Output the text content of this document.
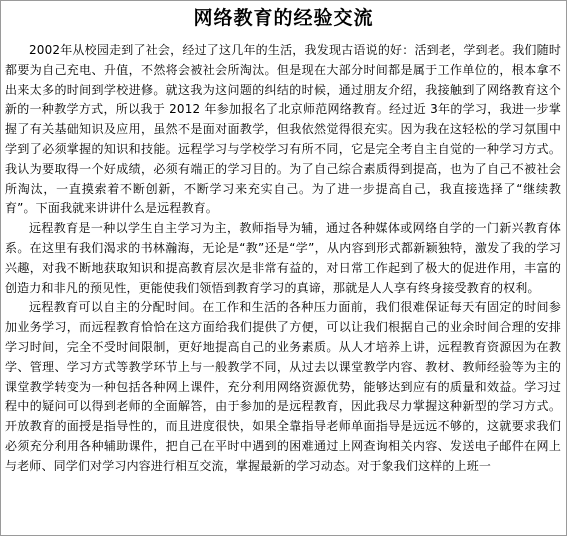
网络教育的经验交流

2002年从校园走到了社会，经过了这几年的生活，我发现古语说的好：活到老，学到老。我们随时都要为自己充电、升值，不然将会被社会所淘汰。但是现在大部分时间都是属于工作单位的，根本拿不出来太多的时间到学校进修。就这我为这问题的纠结的时候，通过朋友介绍，我接触到了网络教育这个新的一种教学方式，所以我于 2012 年参加报名了北京师范网络教育。经过近 3年的学习，我进一步掌握了有关基础知识及应用，虽然不是面对面教学，但我依然觉得很充实。因为我在这轻松的学习氛围中学到了必须掌握的知识和技能。远程学习与学校学习有所不同，它是完全考自主自觉的一种学习方式。我认为要取得一个好成绩，必须有端正的学习目的。为了自己综合素质得到提高，也为了自己不被社会所淘汰，一直摸索着不断创新，不断学习来充实自己。为了进一步提高自己，我直接选择了“继续教育”。下面我就来讲讲什么是远程教育。

远程教育是一种以学生自主学习为主，教师指导为辅，通过各种媒体或网络自学的一门新兴教育体系。在这里有我们渴求的书林瀚海，无论是“教”还是“学”，从内容到形式都新颖独特，激发了我的学习兴趣，对我不断地获取知识和提高教育层次是非常有益的，对日常工作起到了极大的促进作用，丰富的创造力和非凡的预见性，更能使我们领悟到教育学习的真谛，那就是人人享有终身接受教育的权利。

远程教育可以自主的分配时间。在工作和生活的各种压力面前，我们很难保证每天有固定的时间参加业务学习，而远程教育恰恰在这方面给我们提供了方便，可以让我们根据自己的业余时间合理的安排学习时间，完全不受时间限制，更好地提高自己的业务素质。从人才培养上讲，远程教育资源因为在教学、管理、学习方式等教学环节上与一般教学不同，从过去以课堂教学内容、教材、教师经验等为主的课堂教学转变为一种包括各种网上课件，充分利用网络资源优势，能够达到应有的质量和效益。学习过程中的疑问可以得到老师的全面解答，由于参加的是远程教育，因此我尽力掌握这种新型的学习方式。开放教育的面授是指导性的，而且进度很快，如果全靠指导老师单面指导是远远不够的，这就要求我们必须充分利用各种辅助课件，把自己在平时中遇到的困难通过上网查询相关内容、发送电子邮件在网上与老师、同学们对学习内容进行相互交流，掌握最新的学习动态。对于象我们这样的上班一
